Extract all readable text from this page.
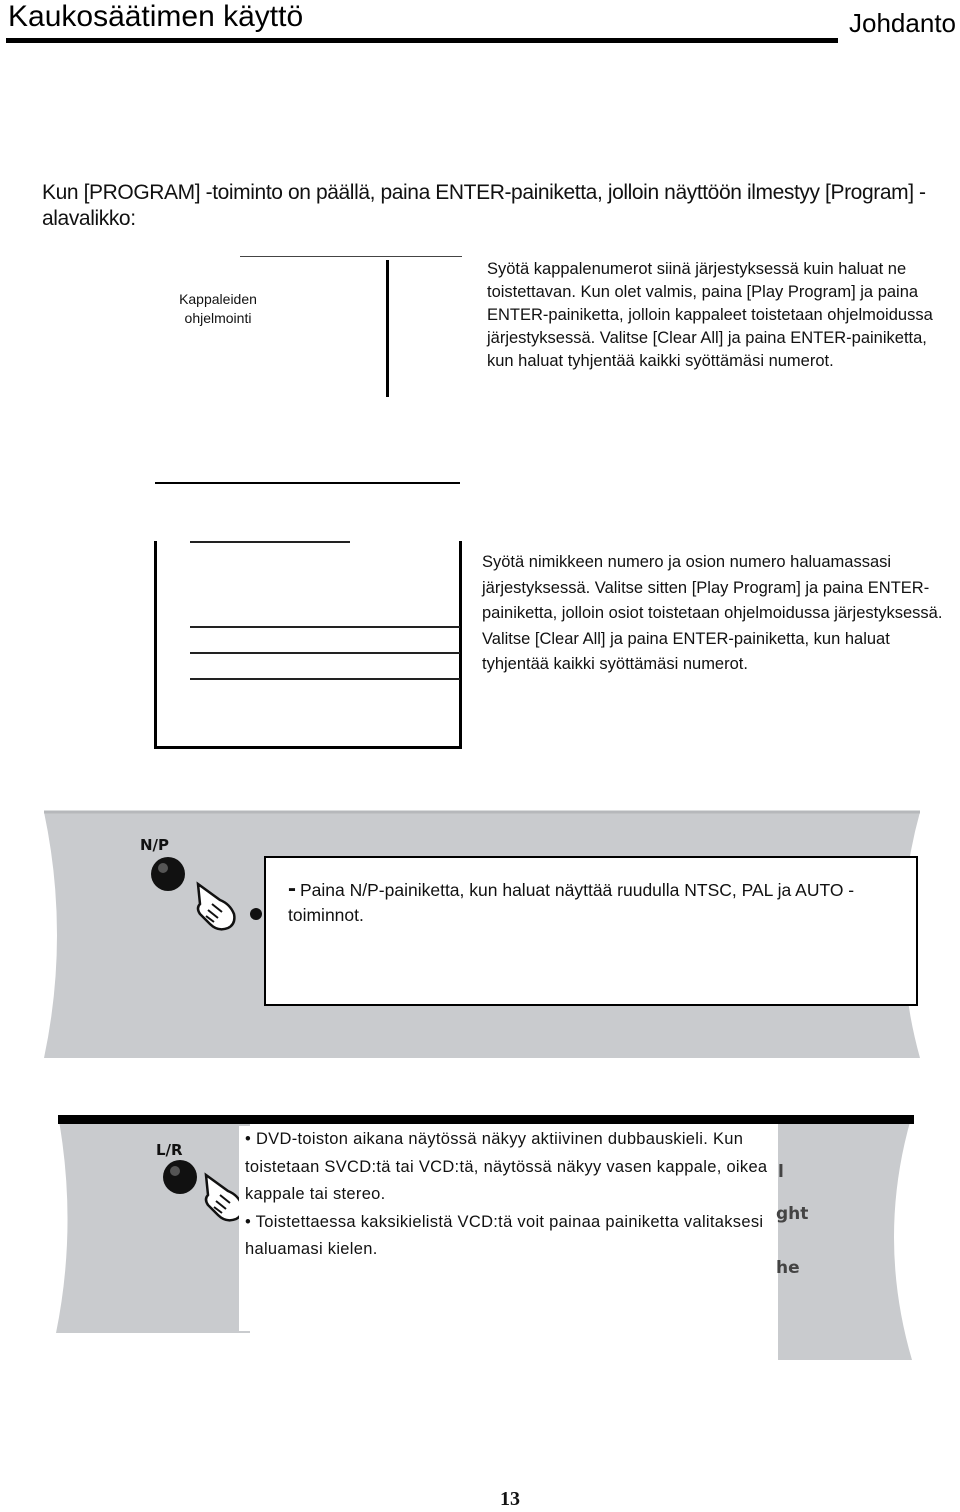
Kaukosäätimen käyttö	Johdanto
Kun [PROGRAM] -toiminto on päällä, paina ENTER-painiketta, jolloin näyttöön ilmestyy [Program] -alavalikko:
Kappaleiden
ohjelmointi
Syötä kappalenumerot siinä järjestyksessä kuin haluat ne toistettavan. Kun olet valmis, paina [Play Program] ja paina ENTER-painiketta, jolloin kappaleet toistetaan ohjelmoidussa järjestyksessä. Valitse [Clear All] ja paina ENTER-painiketta, kun haluat tyhjentää kaikki syöttämäsi numerot.
Syötä nimikkeen numero ja osion numero haluamassasi järjestyksessä. Valitse sitten [Play Program] ja paina ENTER-painiketta, jolloin osiot toistetaan ohjelmoidussa järjestyksessä. Valitse [Clear All] ja paina ENTER-painiketta, kun haluat tyhjentää kaikki syöttämäsi numerot.
N/P
- Paina N/P-painiketta, kun haluat näyttää ruudulla NTSC, PAL ja AUTO -toiminnot.
L/R
l
ght
he
• DVD-toiston aikana näytössä näkyy aktiivinen dubbauskieli. Kun toistetaan SVCD:tä tai VCD:tä, näytössä näkyy vasen kappale, oikea kappale tai stereo.
• Toistettaessa kaksikielistä VCD:tä voit painaa painiketta valitaksesi haluamasi kielen.
13
